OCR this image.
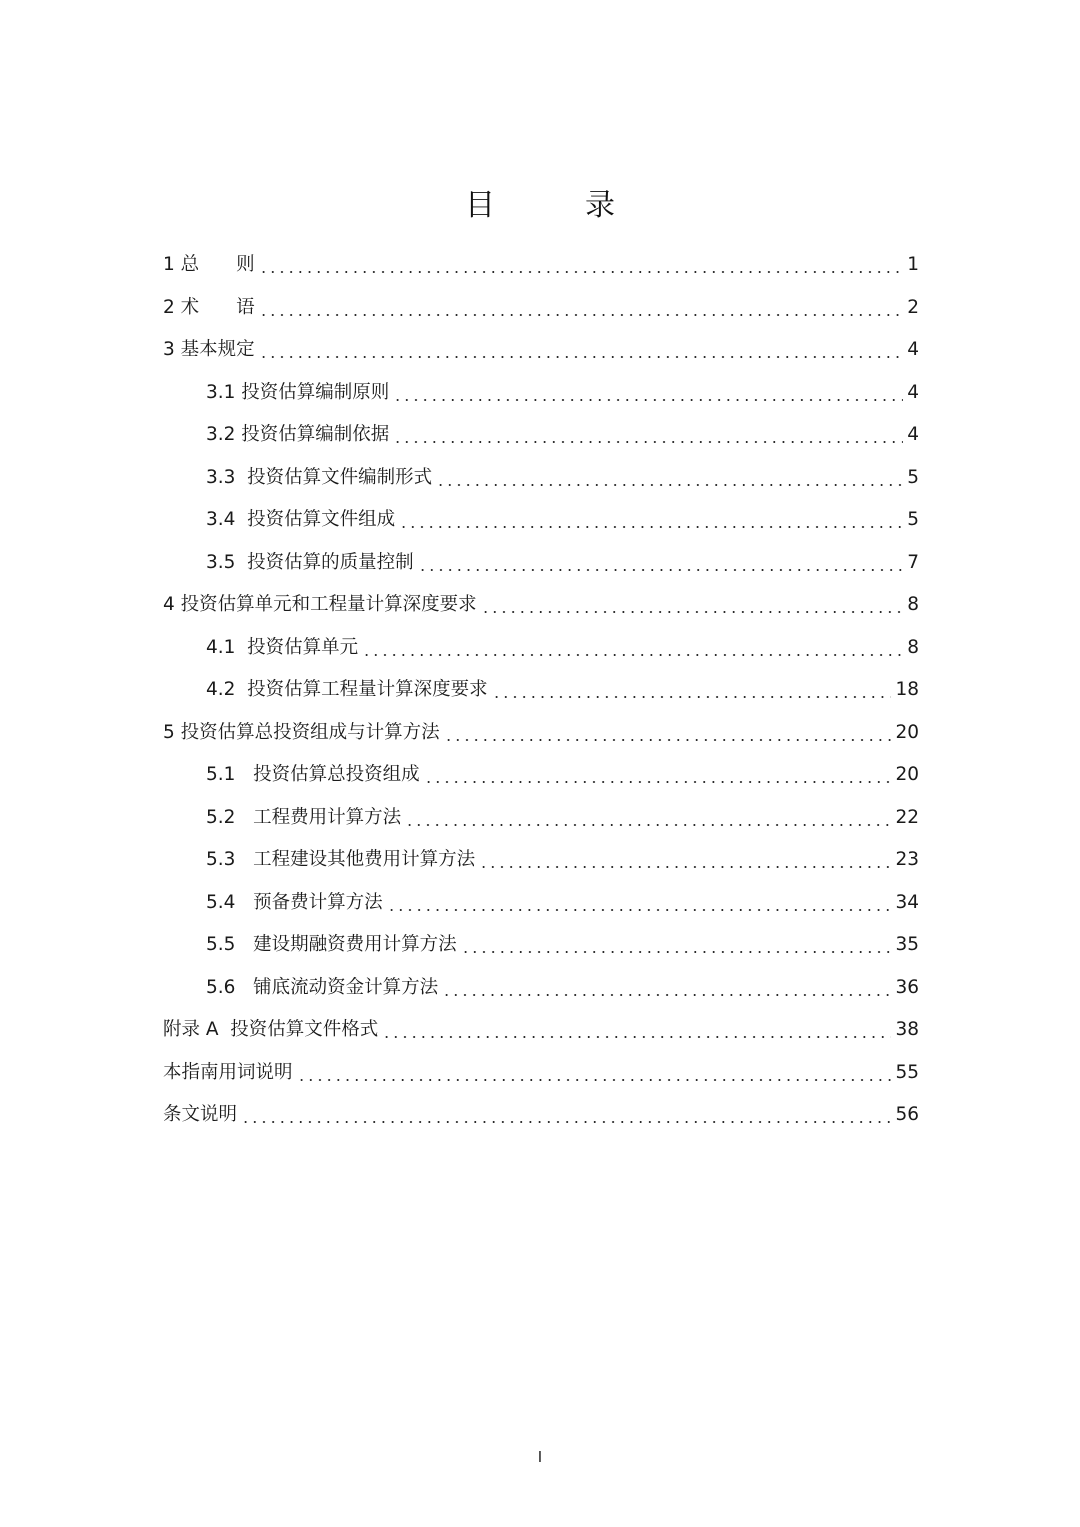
目　录
1 总　　则	1
2 术　　语	2
3 基本规定	4
3.1 投资估算编制原则	4
3.2 投资估算编制依据	4
3.3  投资估算文件编制形式	5
3.4  投资估算文件组成	5
3.5  投资估算的质量控制	7
4 投资估算单元和工程量计算深度要求	8
4.1  投资估算单元	8
4.2  投资估算工程量计算深度要求	18
5 投资估算总投资组成与计算方法	20
5.1   投资估算总投资组成	20
5.2   工程费用计算方法	22
5.3   工程建设其他费用计算方法	23
5.4   预备费计算方法	34
5.5   建设期融资费用计算方法	35
5.6   铺底流动资金计算方法	36
附录 A  投资估算文件格式	38
本指南用词说明	55
条文说明	56
I
